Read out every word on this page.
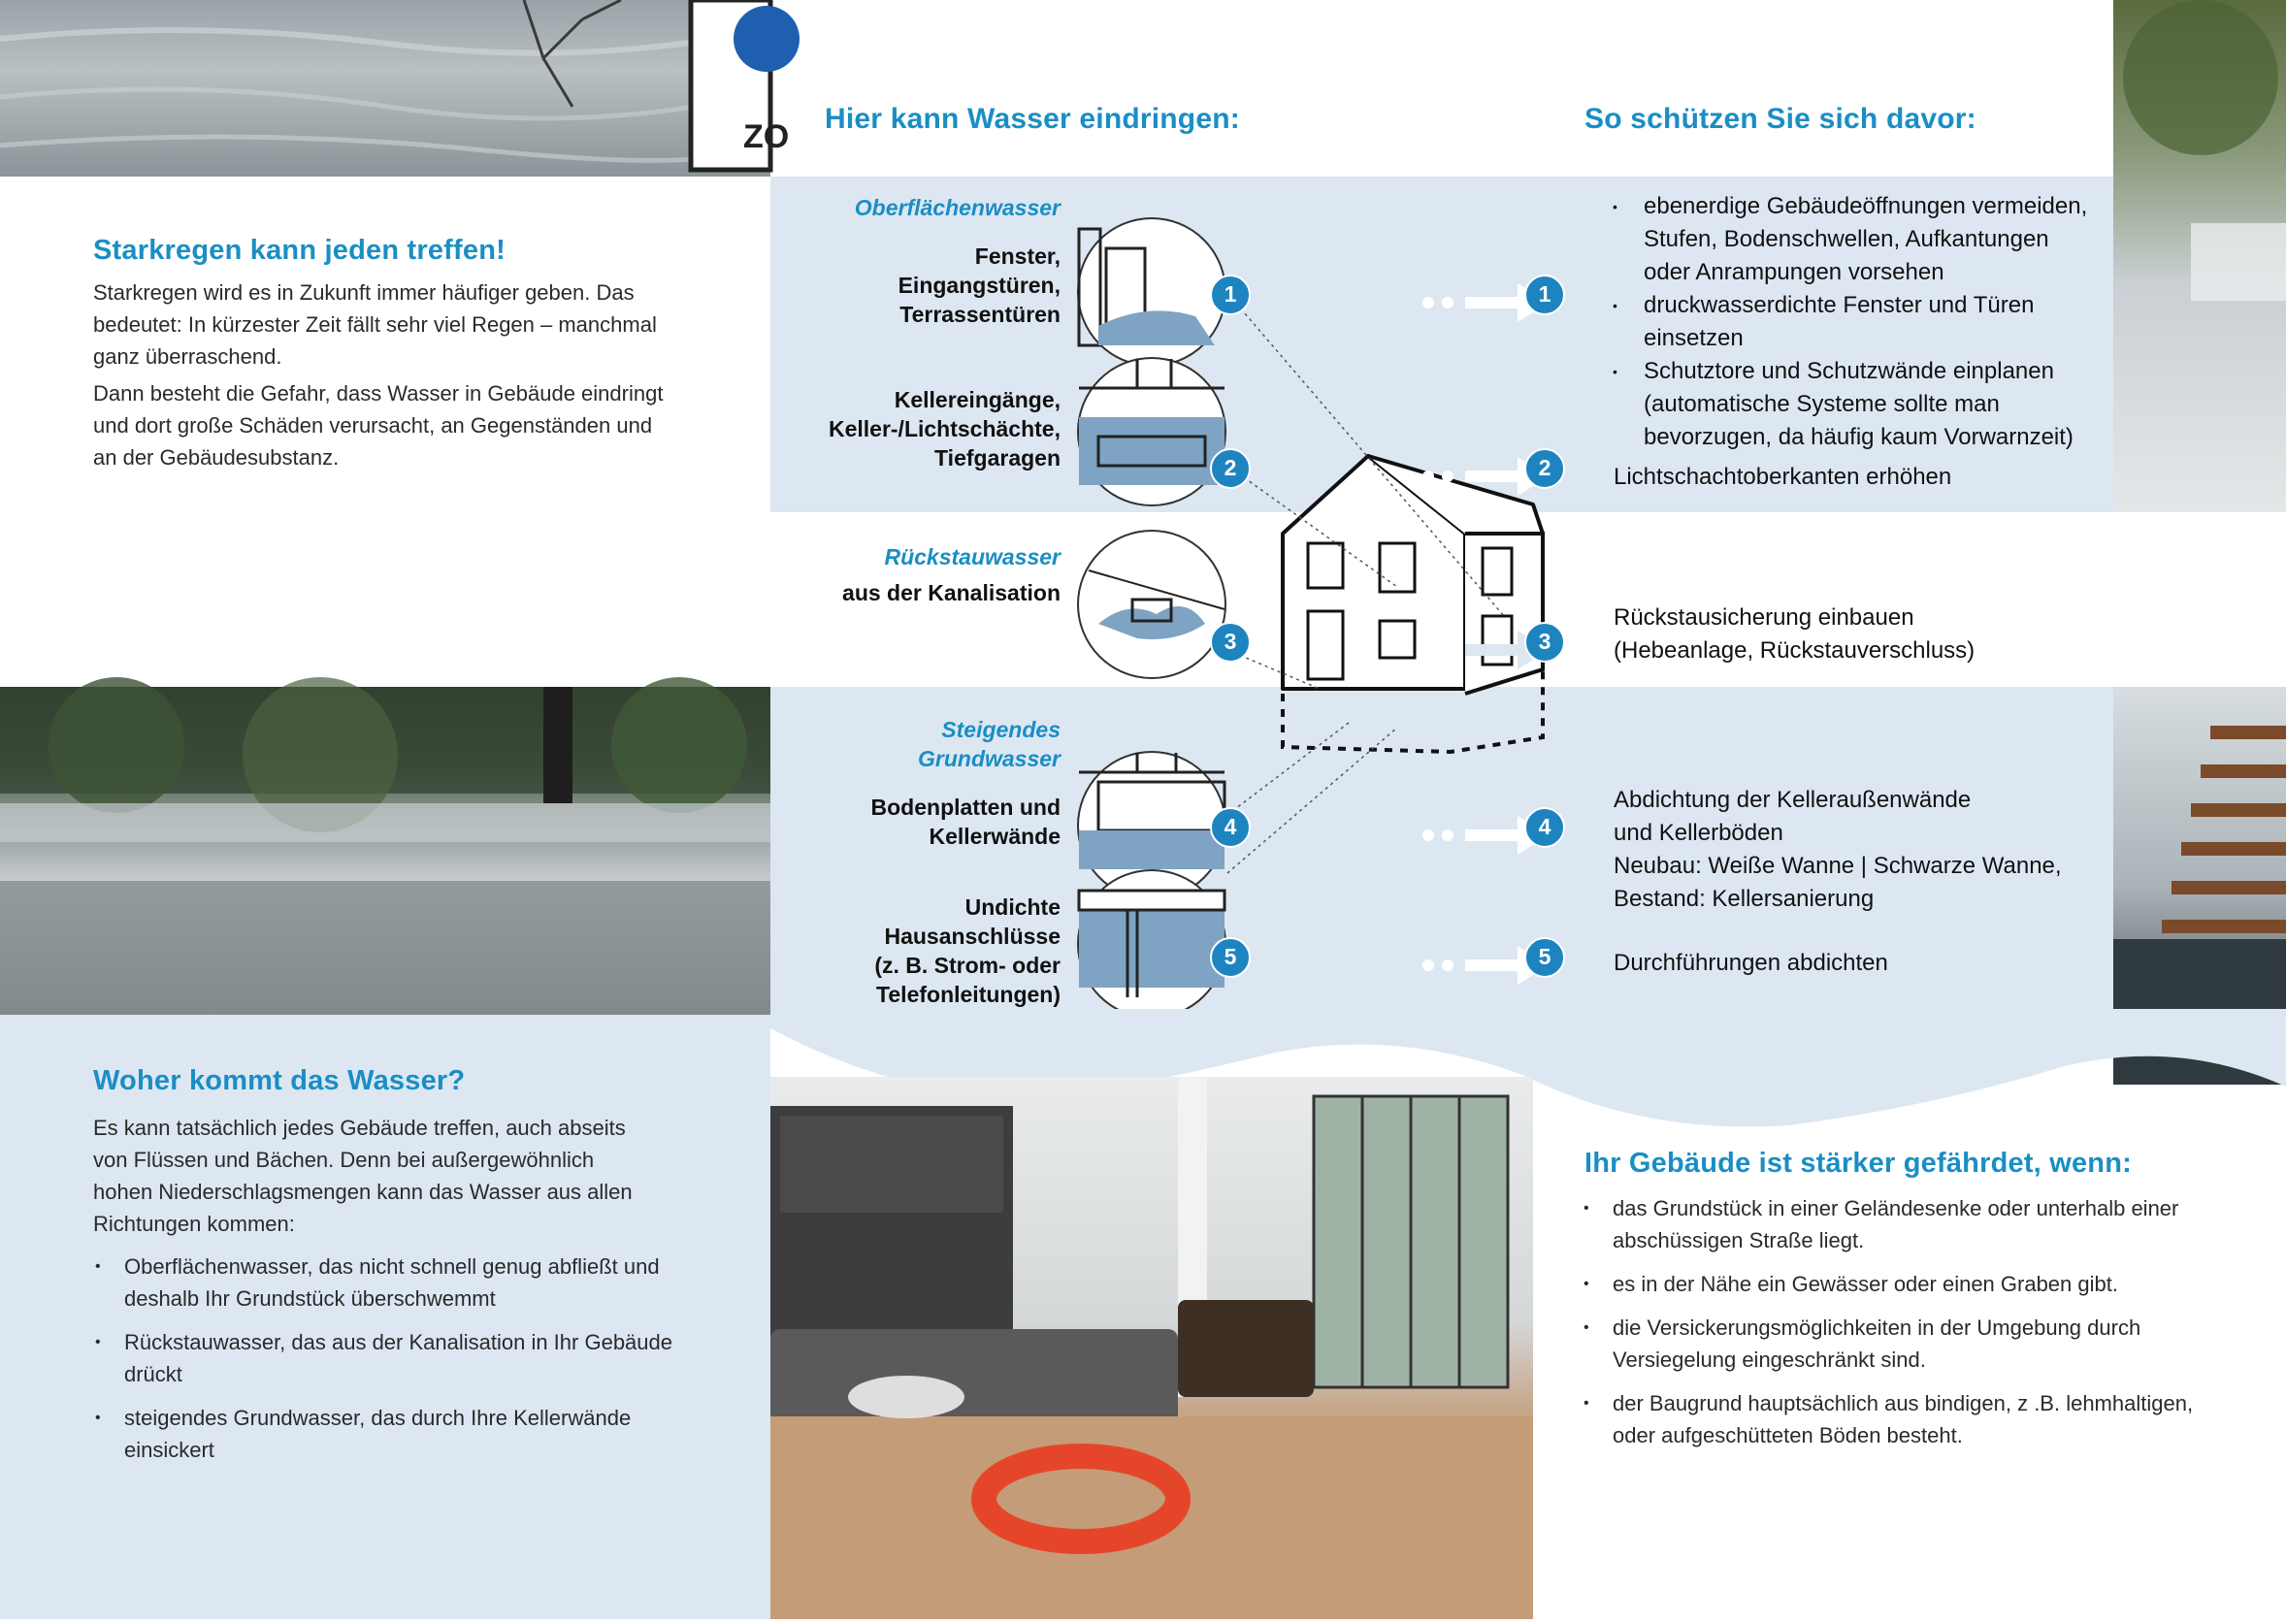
ZO
Starkregen kann jeden treffen!

Starkregen wird es in Zukunft immer häufiger geben. Das bedeutet: In kürzester Zeit fällt sehr viel Regen – manchmal ganz überraschend.

Dann besteht die Gefahr, dass Wasser in Gebäude eindringt und dort große Schäden verursacht, an Gegenständen und an der Gebäudesubstanz.

Woher kommt das Wasser?
Es kann tatsächlich jedes Gebäude treffen, auch abseits von Flüssen und Bächen. Denn bei außergewöhnlich hohen Niederschlagsmengen kann das Wasser aus allen Richtungen kommen:
• Oberflächenwasser, das nicht schnell genug abfließt und deshalb Ihr Grundstück überschwemmt
• Rückstauwasser, das aus der Kanalisation in Ihr Gebäude drückt
• steigendes Grundwasser, das durch Ihre Kellerwände einsickert
Hier kann Wasser eindringen:	So schützen Sie sich davor:
Oberflächenwasser
Fenster,
Eingangstüren,
Terrassentüren
Kellereingänge,
Keller-/Lichtschächte,
Tiefgaragen
Rückstauwasser
aus der Kanalisation
Steigendes
Grundwasser
Bodenplatten und
Kellerwände
Undichte
Hausanschlüsse
(z. B. Strom- oder
Telefonleitungen)
1
2
3
4
5
1
2
3
4
5
• ebenerdige Gebäudeöffnungen vermeiden, Stufen, Bodenschwellen, Aufkantungen oder Anrampungen vorsehen
• druckwasserdichte Fenster und Türen einsetzen
• Schutztore und Schutzwände einplanen (automatische Systeme sollte man bevorzugen, da häufig kaum Vorwarnzeit)
Lichtschachtoberkanten erhöhen
Rückstausicherung einbauen
(Hebeanlage, Rückstauverschluss)
Abdichtung der Kelleraußenwände
und Kellerböden
Neubau: Weiße Wanne | Schwarze Wanne,
Bestand: Kellersanierung
Durchführungen abdichten
Ihr Gebäude ist stärker gefährdet, wenn:
• das Grundstück in einer Geländesenke oder unterhalb einer abschüssigen Straße liegt.
• es in der Nähe ein Gewässer oder einen Graben gibt.
• die Versickerungsmöglichkeiten in der Umgebung durch Versiegelung eingeschränkt sind.
• der Baugrund hauptsächlich aus bindigen, z .B. lehmhaltigen, oder aufgeschütteten Böden besteht.
